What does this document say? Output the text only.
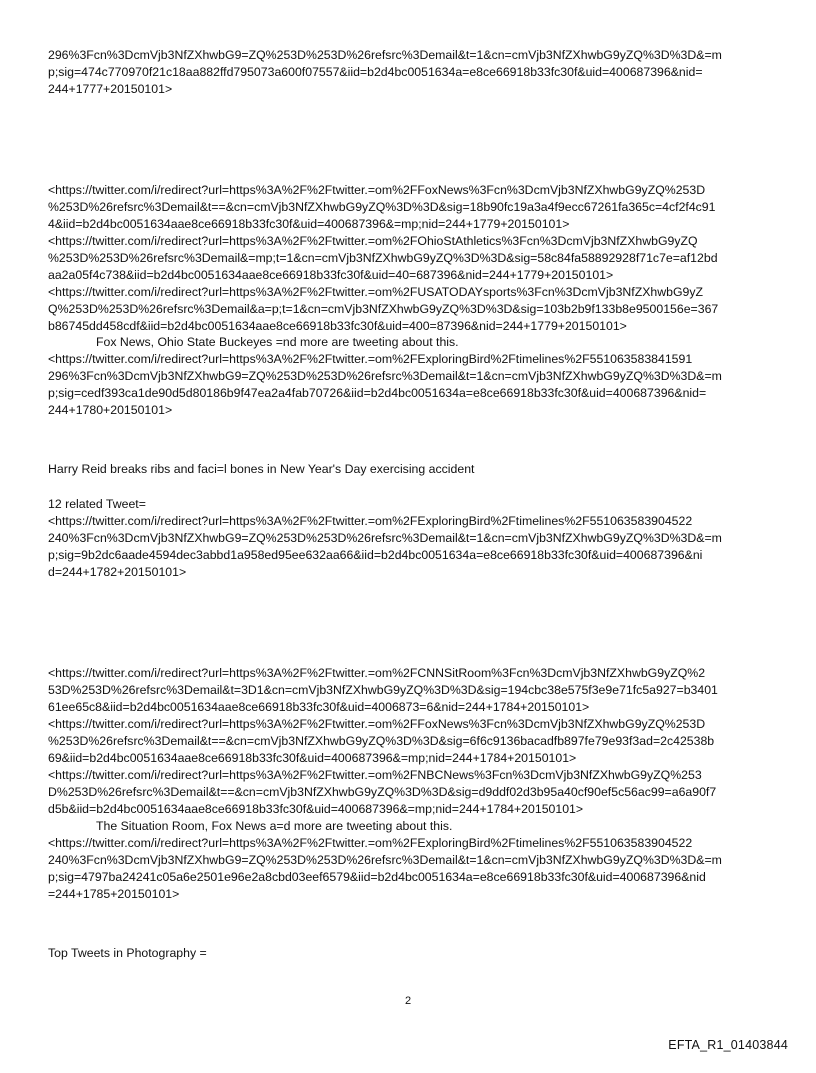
296%3Fcn%3DcmVjb3NfZXhwbG9=ZQ%253D%253D%26refsrc%3Demail&t=1&cn=cmVjb3NfZXhwbG9yZQ%3D%3D&=m
p;sig=474c770970f21c18aa882ffd795073a600f07557&iid=b2d4bc0051634a=e8ce66918b33fc30f&uid=400687396&nid=
244+1777+20150101>
<https://twitter.com/i/redirect?url=https%3A%2F%2Ftwitter.=om%2FFoxNews%3Fcn%3DcmVjb3NfZXhwbG9yZQ%253D
%253D%26refsrc%3Demail&t==&cn=cmVjb3NfZXhwbG9yZQ%3D%3D&sig=18b90fc19a3a4f9ecc67261fa365c=4cf2f4c91
4&iid=b2d4bc0051634aae8ce66918b33fc30f&uid=400687396&=mp;nid=244+1779+20150101>
<https://twitter.com/i/redirect?url=https%3A%2F%2Ftwitter.=om%2FOhioStAthletics%3Fcn%3DcmVjb3NfZXhwbG9yZQ
%253D%253D%26refsrc%3Demail&=mp;t=1&cn=cmVjb3NfZXhwbG9yZQ%3D%3D&sig=58c84fa58892928f71c7e=af12bd
aa2a05f4c738&iid=b2d4bc0051634aae8ce66918b33fc30f&uid=40=687396&nid=244+1779+20150101>
<https://twitter.com/i/redirect?url=https%3A%2F%2Ftwitter.=om%2FUSATODAYsports%3Fcn%3DcmVjb3NfZXhwbG9yZ
Q%253D%253D%26refsrc%3Demail&a=p;t=1&cn=cmVjb3NfZXhwbG9yZQ%3D%3D&sig=103b2b9f133b8e9500156e=367
b86745dd458cdf&iid=b2d4bc0051634aae8ce66918b33fc30f&uid=400=87396&nid=244+1779+20150101>
Fox News, Ohio State Buckeyes =nd more are tweeting about this.
<https://twitter.com/i/redirect?url=https%3A%2F%2Ftwitter.=om%2FExploringBird%2Ftimelines%2F551063583841591
296%3Fcn%3DcmVjb3NfZXhwbG9=ZQ%253D%253D%26refsrc%3Demail&t=1&cn=cmVjb3NfZXhwbG9yZQ%3D%3D&=m
p;sig=cedf393ca1de90d5d80186b9f47ea2a4fab70726&iid=b2d4bc0051634a=e8ce66918b33fc30f&uid=400687396&nid=
244+1780+20150101>
Harry Reid breaks ribs and faci=l bones in New Year's Day exercising accident
12 related Tweet=
<https://twitter.com/i/redirect?url=https%3A%2F%2Ftwitter.=om%2FExploringBird%2Ftimelines%2F551063583904522
240%3Fcn%3DcmVjb3NfZXhwbG9=ZQ%253D%253D%26refsrc%3Demail&t=1&cn=cmVjb3NfZXhwbG9yZQ%3D%3D&=m
p;sig=9b2dc6aade4594dec3abbd1a958ed95ee632aa66&iid=b2d4bc0051634a=e8ce66918b33fc30f&uid=400687396&ni
d=244+1782+20150101>
<https://twitter.com/i/redirect?url=https%3A%2F%2Ftwitter.=om%2FCNNSitRoom%3Fcn%3DcmVjb3NfZXhwbG9yZQ%2
53D%253D%26refsrc%3Demail&t=3D1&cn=cmVjb3NfZXhwbG9yZQ%3D%3D&sig=194cbc38e575f3e9e71fc5a927=b3401
61ee65c8&iid=b2d4bc0051634aae8ce66918b33fc30f&uid=4006873=6&nid=244+1784+20150101>
<https://twitter.com/i/redirect?url=https%3A%2F%2Ftwitter.=om%2FFoxNews%3Fcn%3DcmVjb3NfZXhwbG9yZQ%253D
%253D%26refsrc%3Demail&t==&cn=cmVjb3NfZXhwbG9yZQ%3D%3D&sig=6f6c9136bacadfb897fe79e93f3ad=2c42538b
69&iid=b2d4bc0051634aae8ce66918b33fc30f&uid=400687396&=mp;nid=244+1784+20150101>
<https://twitter.com/i/redirect?url=https%3A%2F%2Ftwitter.=om%2FNBCNews%3Fcn%3DcmVjb3NfZXhwbG9yZQ%253
D%253D%26refsrc%3Demail&t==&cn=cmVjb3NfZXhwbG9yZQ%3D%3D&sig=d9ddf02d3b95a40cf90ef5c56ac99=a6a90f7
d5b&iid=b2d4bc0051634aae8ce66918b33fc30f&uid=400687396&=mp;nid=244+1784+20150101>
The Situation Room, Fox News a=d more are tweeting about this.
<https://twitter.com/i/redirect?url=https%3A%2F%2Ftwitter.=om%2FExploringBird%2Ftimelines%2F551063583904522
240%3Fcn%3DcmVjb3NfZXhwbG9=ZQ%253D%253D%26refsrc%3Demail&t=1&cn=cmVjb3NfZXhwbG9yZQ%3D%3D&=m
p;sig=4797ba24241c05a6e2501e96e2a8cbd03eef6579&iid=b2d4bc0051634a=e8ce66918b33fc30f&uid=400687396&nid
=244+1785+20150101>
Top Tweets in Photography =
2
EFTA_R1_01403844
